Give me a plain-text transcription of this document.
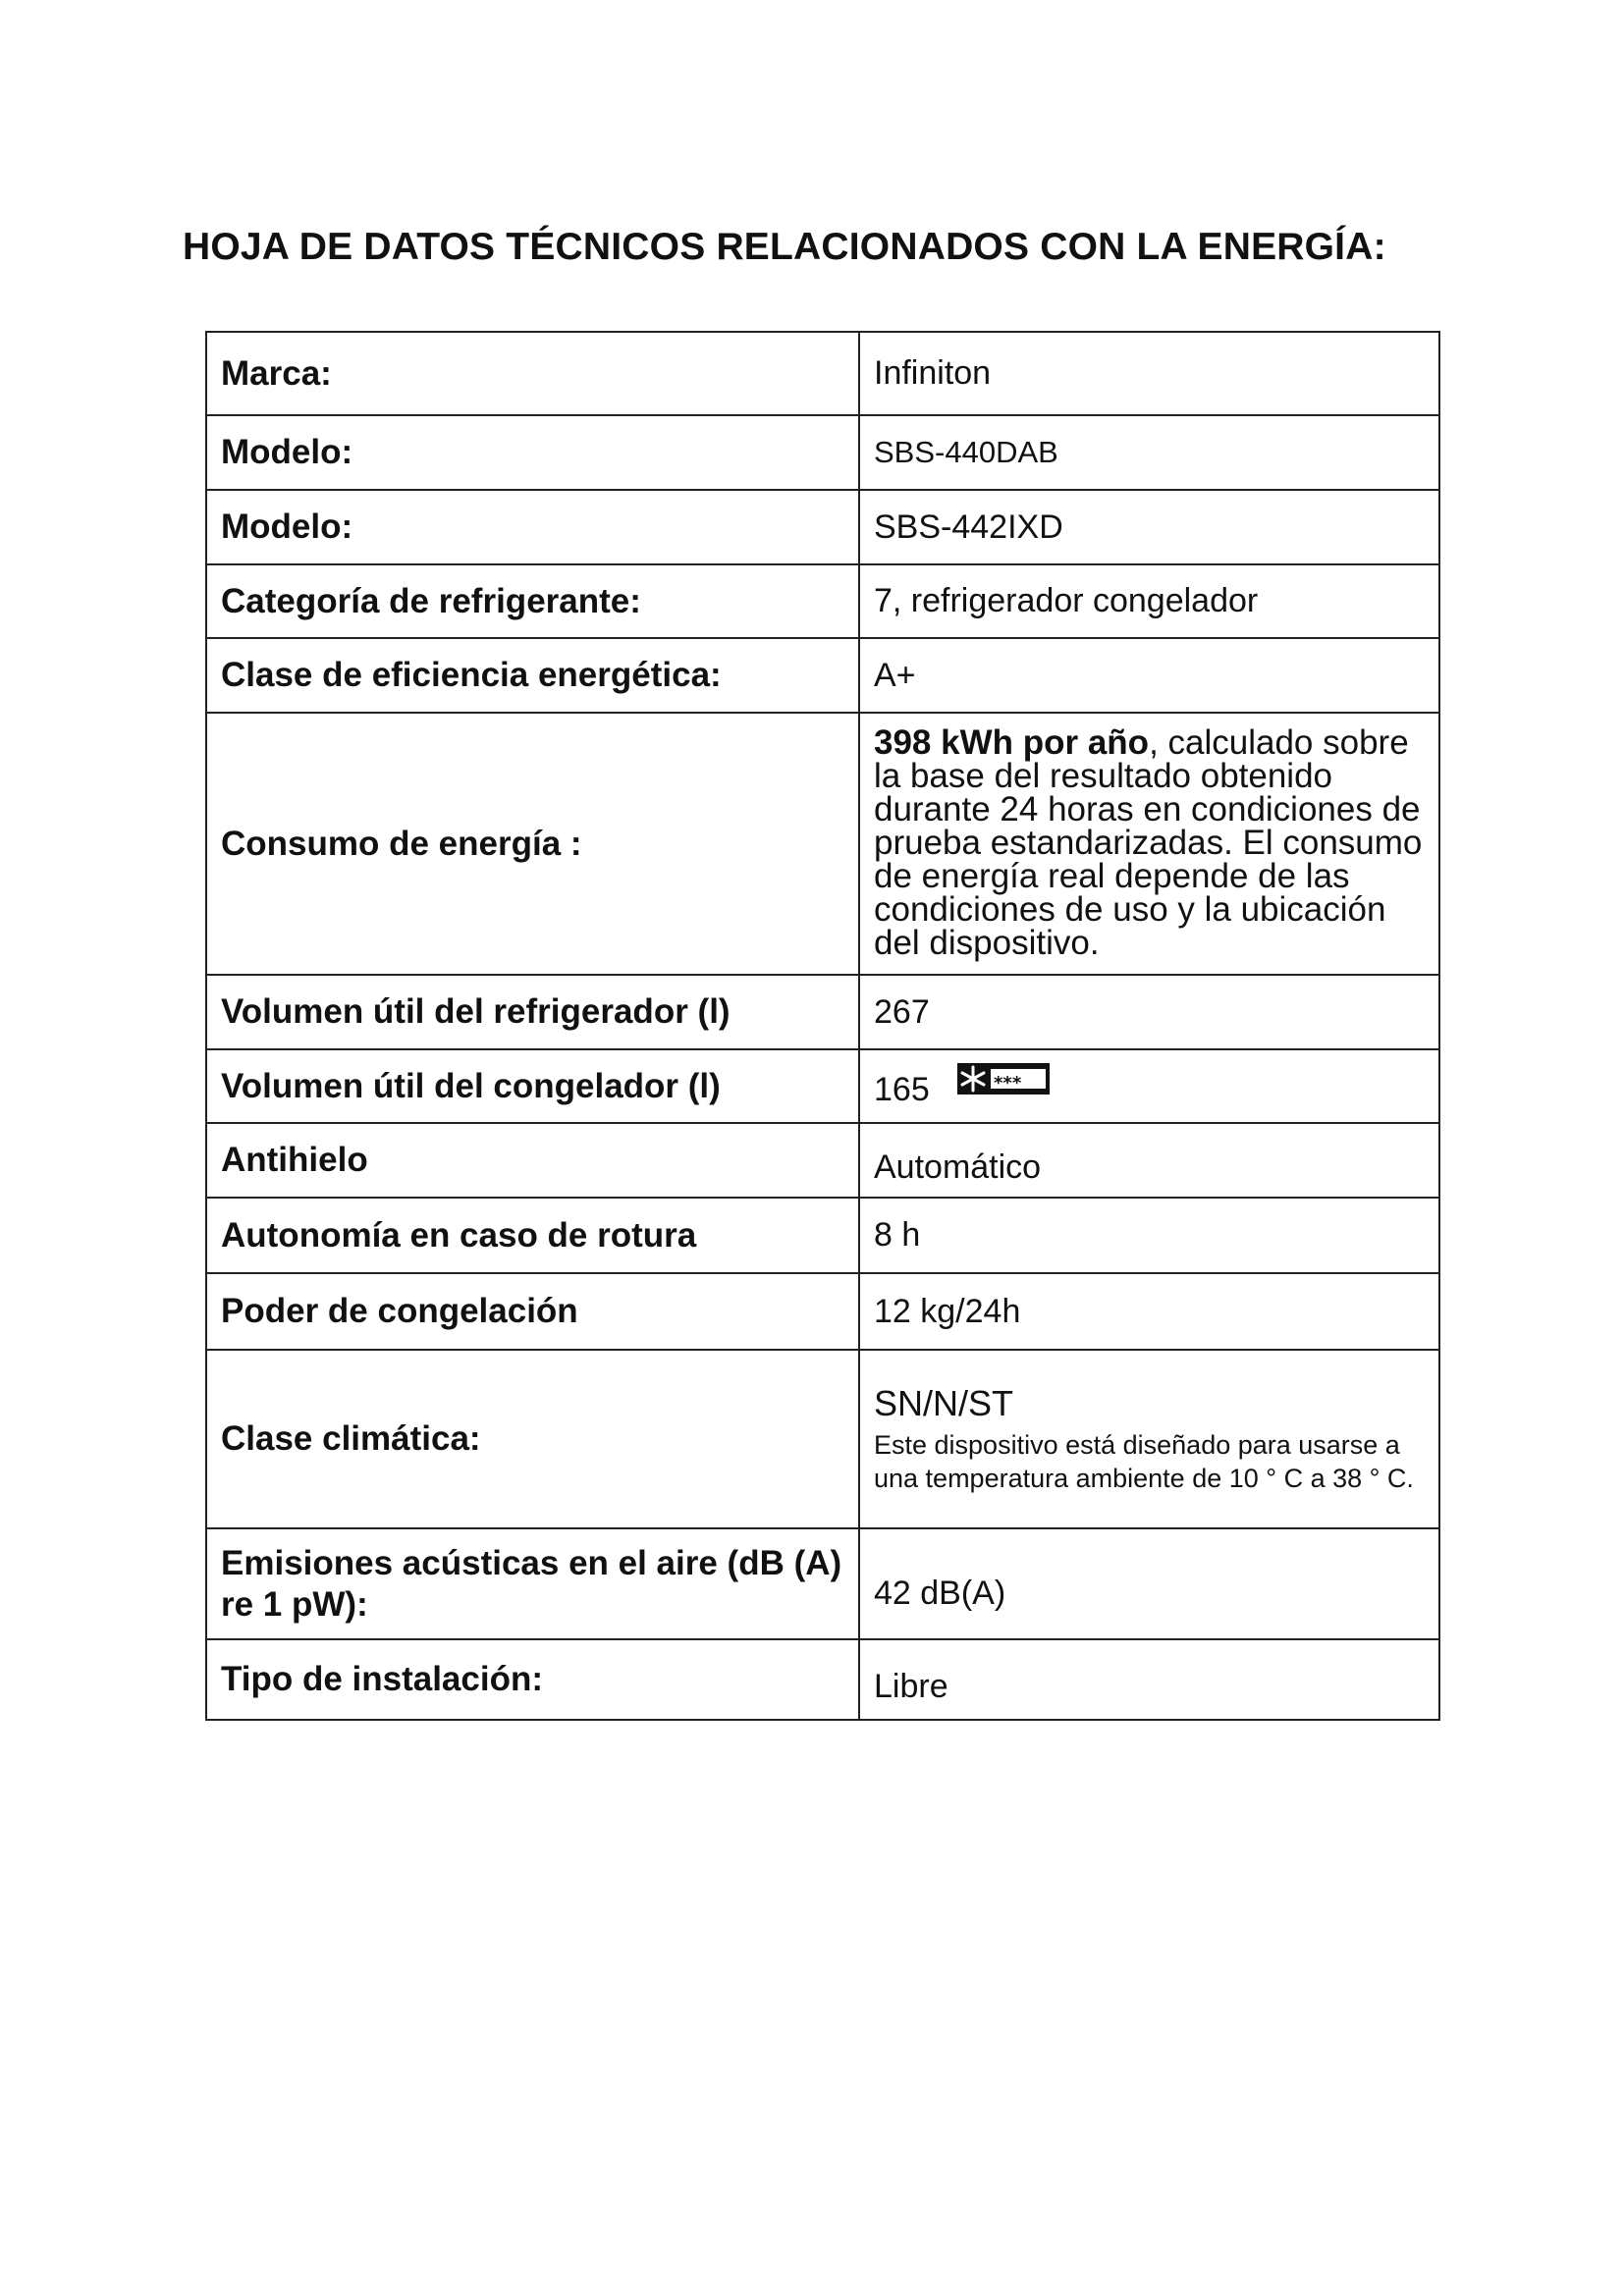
HOJA DE DATOS TÉCNICOS RELACIONADOS CON LA ENERGÍA:
Marca:	Infiniton
Modelo:	SBS-440DAB
Modelo:	SBS-442IXD
Categoría de refrigerante:	7, refrigerador congelador
Clase de eficiencia energética:	A+
Consumo de energía :	398 kWh por año, calculado sobre la base del resultado obtenido durante 24 horas en condiciones de prueba estandarizadas. El consumo de energía real depende de las condiciones de uso y la ubicación del dispositivo.

Volumen útil del refrigerador (l)	267
Volumen útil del congelador (l)	165 ***

Antihielo	Automático
Autonomía en caso de rotura	8 h
Poder de congelación	12 kg/24h
Clase climática:	SN/N/ST
Este dispositivo está diseñado para usarse a una temperatura ambiente de 10 ° C a 38 ° C.

Emisiones acústicas en el aire (dB (A) re 1 pW):	42 dB(A)
Tipo de instalación:	Libre
